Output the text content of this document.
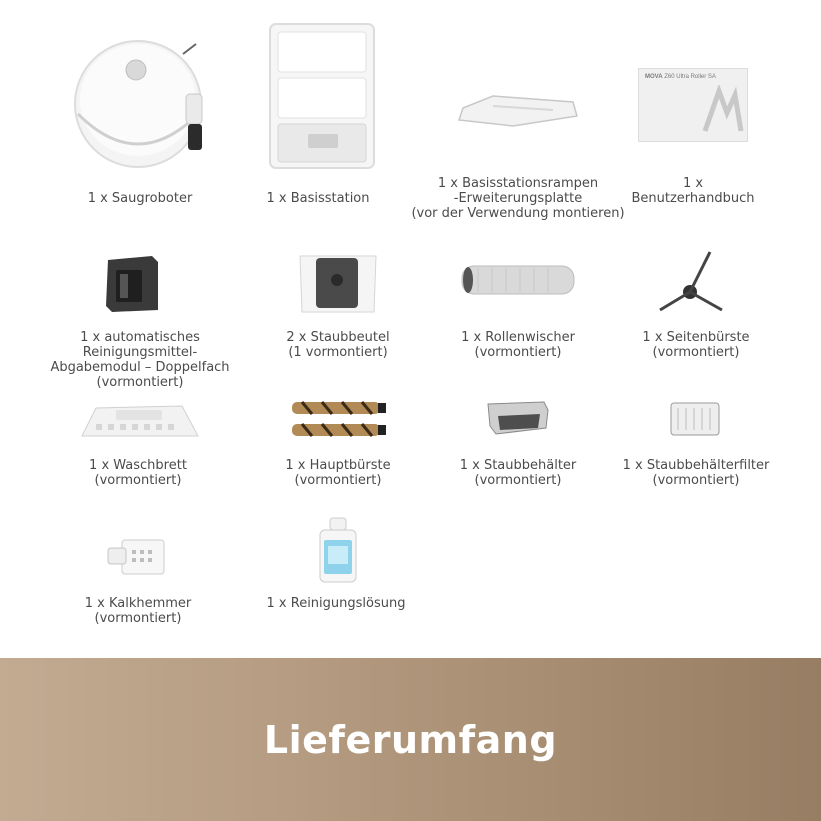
1 x Saugroboter	1 x Basisstation
1 x Basisstationsrampen
-Erweiterungsplatte
(vor der Verwendung montieren)
MOVA Z60 Ultra Roller SA
1 x
Benutzerhandbuch
1 x automatisches
Reinigungsmittel-
Abgabemodul – Doppelfach
(vormontiert)
2 x Staubbeutel
(1 vormontiert)
1 x Rollenwischer
(vormontiert)
1 x Seitenbürste
(vormontiert)
1 x Waschbrett
(vormontiert)
1 x Hauptbürste
(vormontiert)
1 x Staubbehälter
(vormontiert)
1 x Staubbehälterfilter
(vormontiert)
1 x Kalkhemmer
(vormontiert)
1 x Reinigungslösung
Lieferumfang
